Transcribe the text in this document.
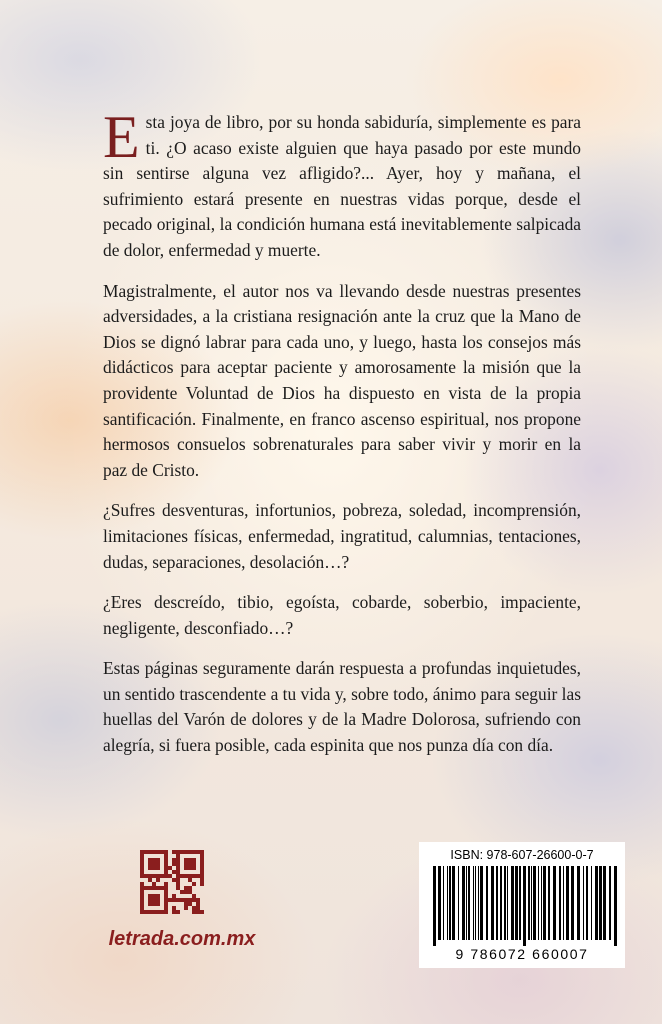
Esta joya de libro, por su honda sabiduría, simplemente es para ti. ¿O acaso existe alguien que haya pasado por este mundo sin sentirse alguna vez afligido?... Ayer, hoy y mañana, el sufrimiento estará presente en nuestras vidas porque, desde el pecado original, la condición humana está inevitablemente salpicada de dolor, enfermedad y muerte.

Magistralmente, el autor nos va llevando desde nuestras presentes adversidades, a la cristiana resignación ante la cruz que la Mano de Dios se dignó labrar para cada uno, y luego, hasta los consejos más didácticos para aceptar paciente y amorosamente la misión que la providente Voluntad de Dios ha dispuesto en vista de la propia santificación. Finalmente, en franco ascenso espiritual, nos propone hermosos consuelos sobrenaturales para saber vivir y morir en la paz de Cristo.

¿Sufres desventuras, infortunios, pobreza, soledad, incomprensión, limitaciones físicas, enfermedad, ingratitud, calumnias, tentaciones, dudas, separaciones, desolación…?

¿Eres descreído, tibio, egoísta, cobarde, soberbio, impaciente, negligente, desconfiado…?

Estas páginas seguramente darán respuesta a profundas inquietudes, un sentido trascendente a tu vida y, sobre todo, ánimo para seguir las huellas del Varón de dolores y de la Madre Dolorosa, sufriendo con alegría, si fuera posible, cada espinita que nos punza día con día.

letrada.com.mx
ISBN: 978-607-26600-0-7
9 786072 660007
